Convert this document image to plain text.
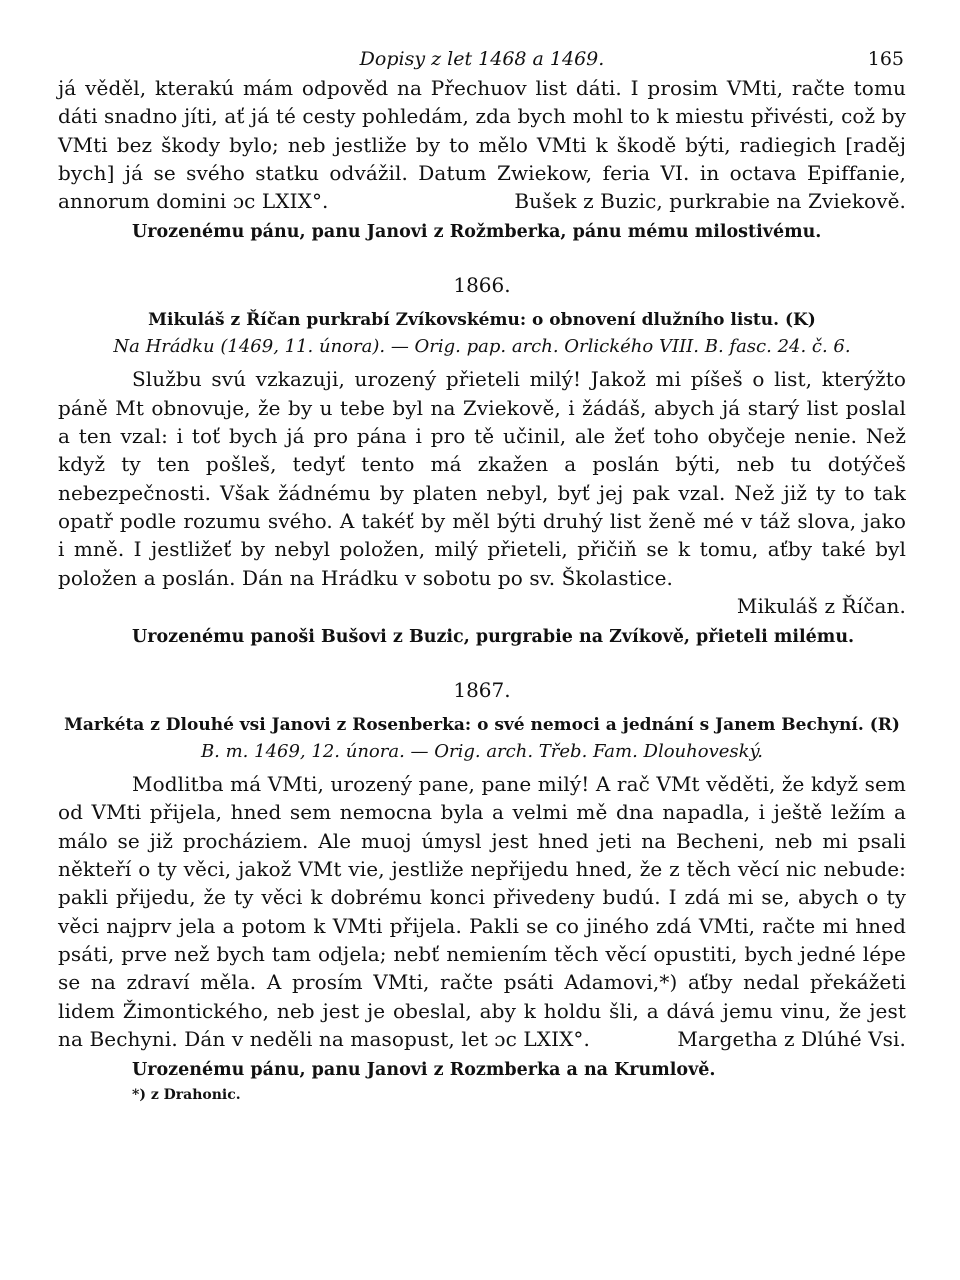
Dopisy z let 1468 a 1469.	165

já věděl, kterakú mám odpověd na Přechuov list dáti. I prosim VMti, račte tomu dáti snadno jíti, ať já té cesty pohledám, zda bych mohl to k miestu přivésti, což by VMti bez škody bylo; neb jestliže by to mělo VMti k škodě býti, radiegich [raděj bych] já se svého statku odvážil. Datum Zwiekow, feria VI. in octava Epiffanie, annorum domini ɔc LXIX°.	Bušek z Buzic, purkrabie na Zviekově.

Urozenému pánu, panu Janovi z Rožmberka, pánu mému milostivému.
1866.
Mikuláš z Říčan purkrabí Zvíkovskému: o obnovení dlužního listu. (K)
Na Hrádku (1469, 11. února). — Orig. pap. arch. Orlického VIII. B. fasc. 24. č. 6.

Službu svú vzkazuji, urozený přieteli milý! Jakož mi píšeš o list, kterýžto páně Mt obnovuje, že by u tebe byl na Zviekově, i žádáš, abych já starý list poslal a ten vzal: i toť bych já pro pána i pro tě učinil, ale žeť toho obyčeje nenie. Než když ty ten pošleš, tedyť tento má zkažen a poslán býti, neb tu dotýčeš nebezpečnosti. Však žádnému by platen nebyl, byť jej pak vzal. Než již ty to tak opatř podle rozumu svého. A takéť by měl býti druhý list ženě mé v táž slova, jako i mně. I jestližeť by nebyl položen, milý přieteli, přičiň se k tomu, aťby také byl položen a poslán. Dán na Hrádku v sobotu po sv. Školastice.
Mikuláš z Říčan.

Urozenému panoši Bušovi z Buzic, purgrabie na Zvíkově, přieteli milému.
1867.
Markéta z Dlouhé vsi Janovi z Rosenberka: o své nemoci a jednání s Janem Bechyní. (R)
B. m. 1469, 12. února. — Orig. arch. Třeb. Fam. Dlouhoveský.

Modlitba má VMti, urozený pane, pane milý! A rač VMt věděti, že když sem od VMti přijela, hned sem nemocna byla a velmi mě dna napadla, i ještě ležím a málo se již procháziem. Ale muoj úmysl jest hned jeti na Becheni, neb mi psali někteří o ty věci, jakož VMt vie, jestliže nepřijedu hned, že z těch věcí nic nebude: pakli přijedu, že ty věci k dobrému konci přivedeny budú. I zdá mi se, abych o ty věci najprv jela a potom k VMti přijela. Pakli se co jiného zdá VMti, račte mi hned psáti, prve než bych tam odjela; nebť nemiením těch věcí opustiti, bych jedné lépe se na zdraví měla. A prosím VMti, račte psáti Adamovi,*) aťby nedal překážeti lidem Žimontického, neb jest je obeslal, aby k holdu šli, a dává jemu vinu, že jest na Bechyni. Dán v neděli na masopust, let ɔc LXIX°.	Margetha z Dlúhé Vsi.

Urozenému pánu, panu Janovi z Rozmberka a na Krumlově.
*) z Drahonic.
